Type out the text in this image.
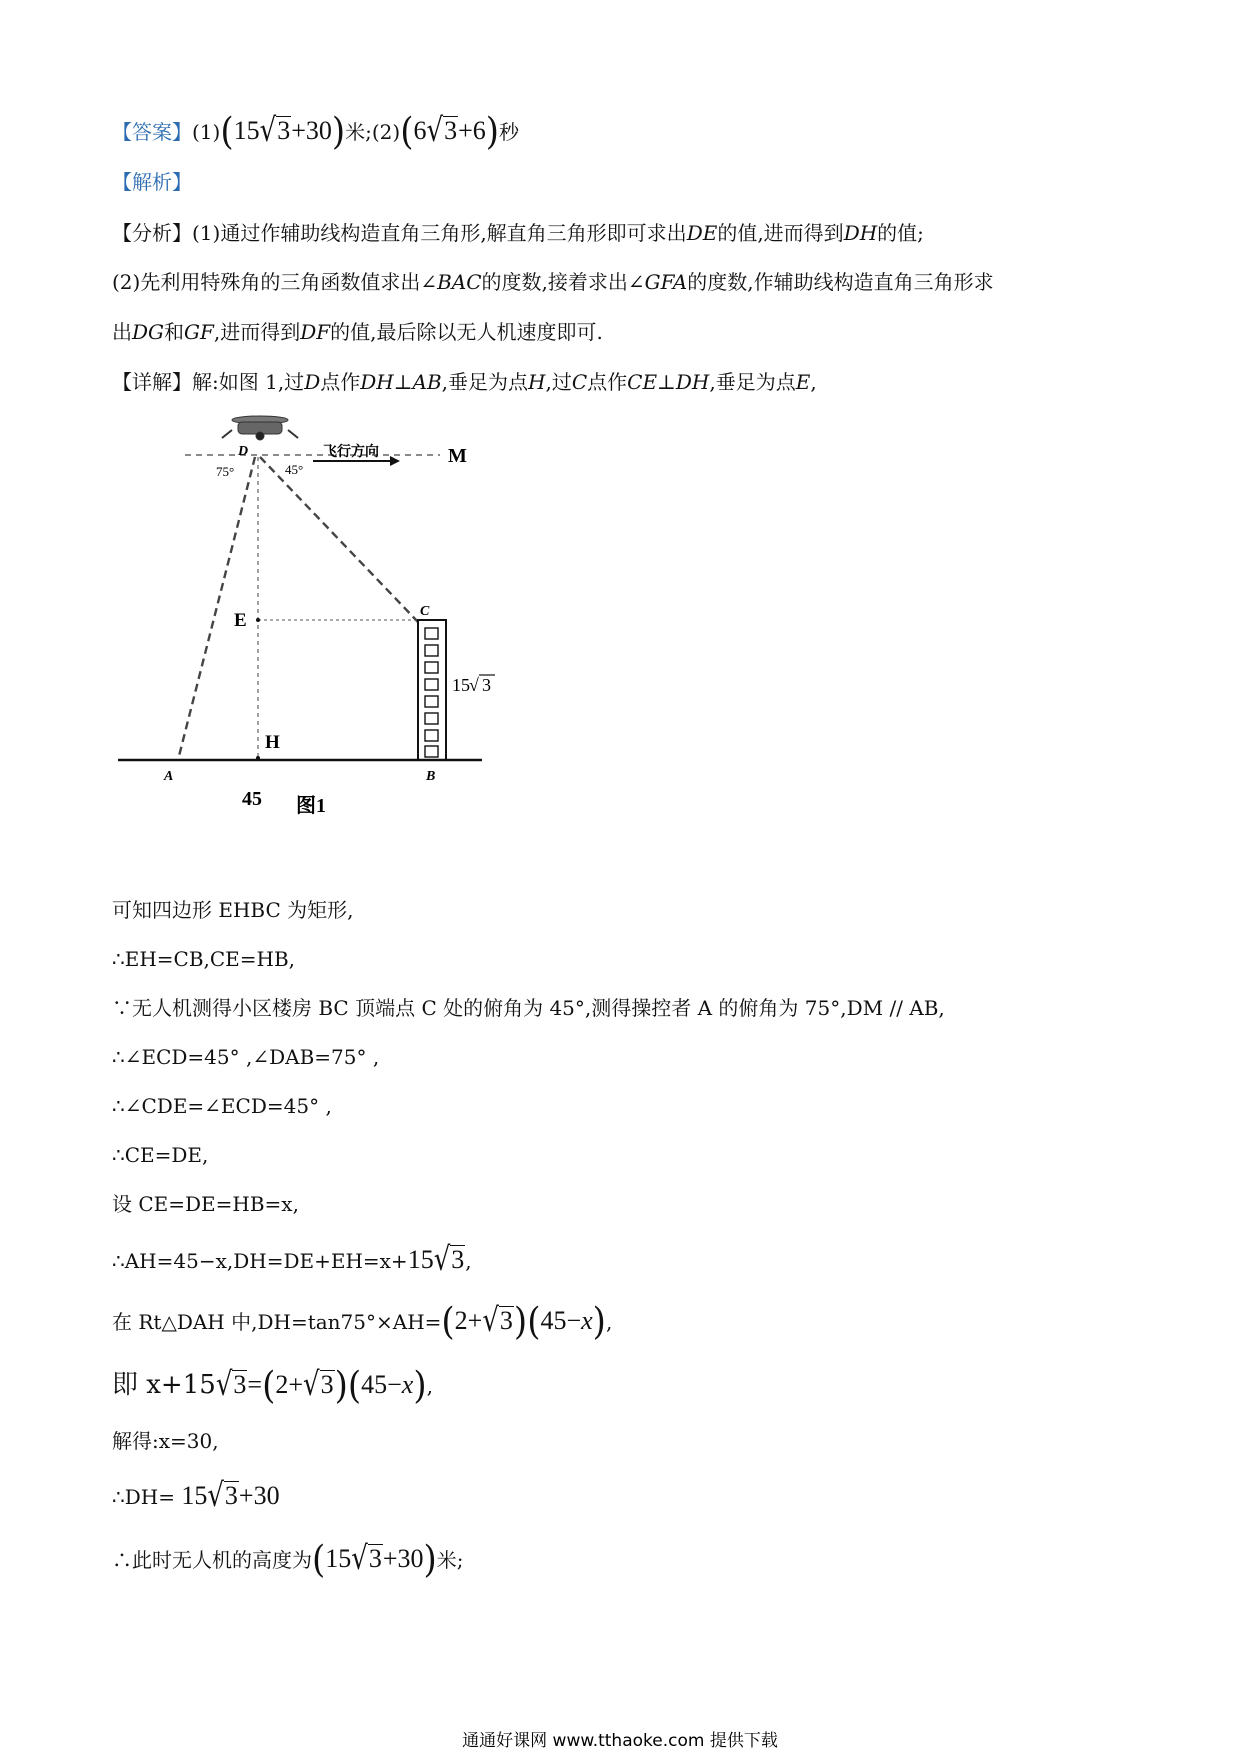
【答案】(1)(15√3+30)米;(2)(6√3+6)秒
【解析】
【分析】(1)通过作辅助线构造直角三角形,解直角三角形即可求出DE的值,进而得到DH的值;
(2)先利用特殊角的三角函数值求出∠BAC的度数,接着求出∠GFA的度数,作辅助线构造直角三角形求
出DG和GF,进而得到DF的值,最后除以无人机速度即可.
【详解】解:如图 1,过D点作DH⊥AB,垂足为点H,过C点作CE⊥DH,垂足为点E,
飞行方向	M
D
75°	45°
E
H
C
15 √ 3
A	B
45 图1
可知四边形 EHBC 为矩形,
∴EH=CB,CE=HB,
∵无人机测得小区楼房 BC 顶端点 C 处的俯角为 45°,测得操控者 A 的俯角为 75°,DM // AB,
∴∠ECD=45° ,∠DAB=75° ,
∴∠CDE=∠ECD=45° ,
∴CE=DE,
设 CE=DE=HB=x,
∴AH=45−x,DH=DE+EH=x+15√3,
在 Rt△DAH 中,DH=tan75°×AH=(2+√3)(45−x),
即 x+15√3=(2+√3)(45−x),
解得:x=30,
∴DH= 15√3+30
∴此时无人机的高度为(15√3+30)米;
通通好课网 www.tthaoke.com 提供下载
